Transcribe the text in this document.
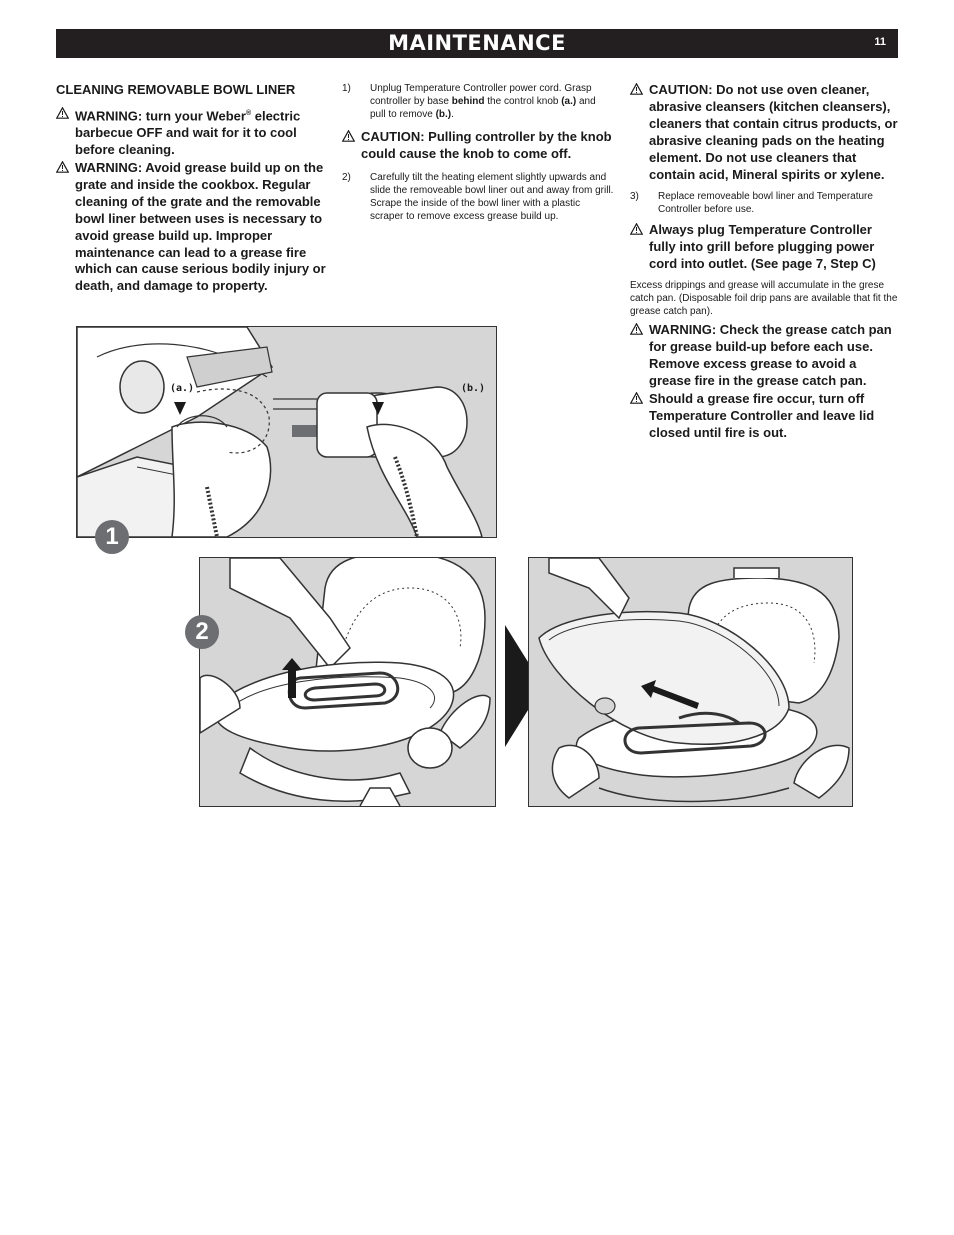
MAINTENANCE	11
CLEANING REMOVABLE BOWL LINER
WARNING: turn your Weber® electric barbecue OFF and wait for it to cool before cleaning.
WARNING: Avoid grease build up on the grate and inside the cookbox. Regular cleaning of the grate and the removable bowl liner between uses is necessary to avoid grease build up. Improper maintenance can lead to a grease fire which can cause serious bodily injury or death, and damage to property.
1) Unplug Temperature Controller power cord. Grasp controller by base behind the control knob (a.) and pull to remove (b.).
CAUTION: Pulling controller by the knob could cause the knob to come off.
2) Carefully tilt the heating element slightly upwards and slide the removeable bowl liner out and away from grill. Scrape the inside of the bowl liner with a plastic scraper to remove excess grease build up.
CAUTION: Do not use oven cleaner, abrasive cleansers (kitchen cleansers), cleaners that contain citrus products, or abrasive cleaning pads on the heating element. Do not use cleaners that contain acid, Mineral spirits or xylene.
3) Replace removeable bowl liner and Temperature Controller before use.
Always plug Temperature Controller fully into grill before plugging power cord into outlet. (See page 7, Step C)
Excess drippings and grease will accumulate in the grese catch pan. (Disposable foil drip pans are available that fit the grease catch pan).
WARNING: Check the grease catch pan for grease build-up before each use. Remove excess grease to avoid a grease fire in the grease catch pan.
Should a grease fire occur, turn off Temperature Controller and leave lid closed until fire is out.
(a.)	(b.)
1
2
